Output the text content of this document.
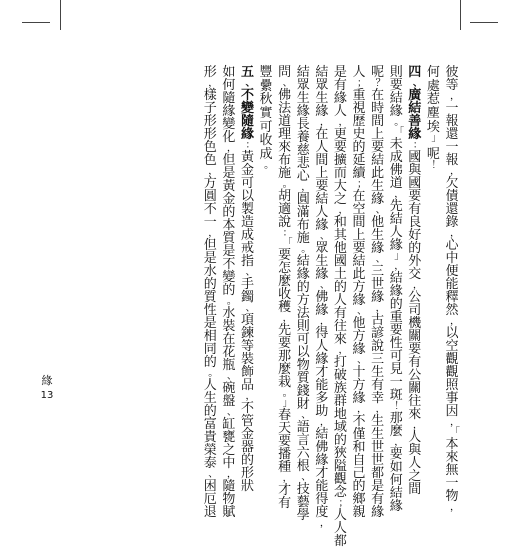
彼
等
，
一
報
還
一
報
，
欠
債
還
錄
，
心
中
便
能
釋
然
，
以
空
觀
觀
照
事
因
，
「
本
來
無
一
物
，
何
處
惹
塵
埃
」
呢
！
四
、
廣
結
善
緣
：
國
與
國
要
有
良
好
的
外
交
，
公
司
機
關
要
有
公
關
往
來
，
人
與
人
之
間
則
要
結
緣
。
「
未
成
佛
道
，
先
結
人
緣
」
，
結
緣
的
重
要
性
可
見
一
斑
！
那
麼
，
要
如
何
結
緣
呢
？
在
時
間
上
要
結
此
生
緣
、
他
生
緣
、
三
世
緣
，
古
諺
說
三
生
有
幸
，
生
生
世
世
都
是
有
緣
人
；
重
視
歷
史
的
延
續
；
在
空
間
上
要
結
此
方
緣
、
他
方
緣
、
十
方
緣
，
不
僅
和
自
己
的
鄉
親
是
有
緣
人
，
更
要
擴
而
大
之
，
和
其
他
國
土
的
人
有
往
來
，
打
破
族
群
地
域
的
狹
隘
觀
念
；
人
人
都
結
眾
生
緣
，
在
人
間
上
要
結
人
緣
、
眾
生
緣
、
佛
緣
，
得
人
緣
才
能
多
助
，
結
佛
緣
才
能
得
度
，
結
眾
生
緣
長
養
慈
悲
心
，
圓
滿
布
施
。
結
緣
的
方
法
則
可
以
物
質
錢
財
、
語
言
六
根
、
技
藝
學
問
、
佛
法
道
理
來
布
施
。
胡
適
說
：
「
要
怎
麼
收
穫
，
先
要
那
麼
栽
。
」
春
天
要
播
種
，
才
有
豐
纍
秋
實
可
收
成
。
五
、
不
變
隨
緣
：
黃
金
可
以
製
造
成
戒
指
、
手
鐲
、
項
鍊
等
裝
飾
品
，
不
管
金
器
的
形
狀
如
何
隨
緣
變
化
，
但
是
黃
金
的
本
質
是
不
變
的
。
水
裝
在
花
瓶
、
碗
盤
、
缸
甕
之
中
，
隨
物
賦
形
，
樣
子
形
形
色
色
，
方
圓
不
一
，
但
是
水
的
質
性
是
相
同
的
。
人
生
的
富
貴
榮
泰
、
困
厄
退
緣
13
